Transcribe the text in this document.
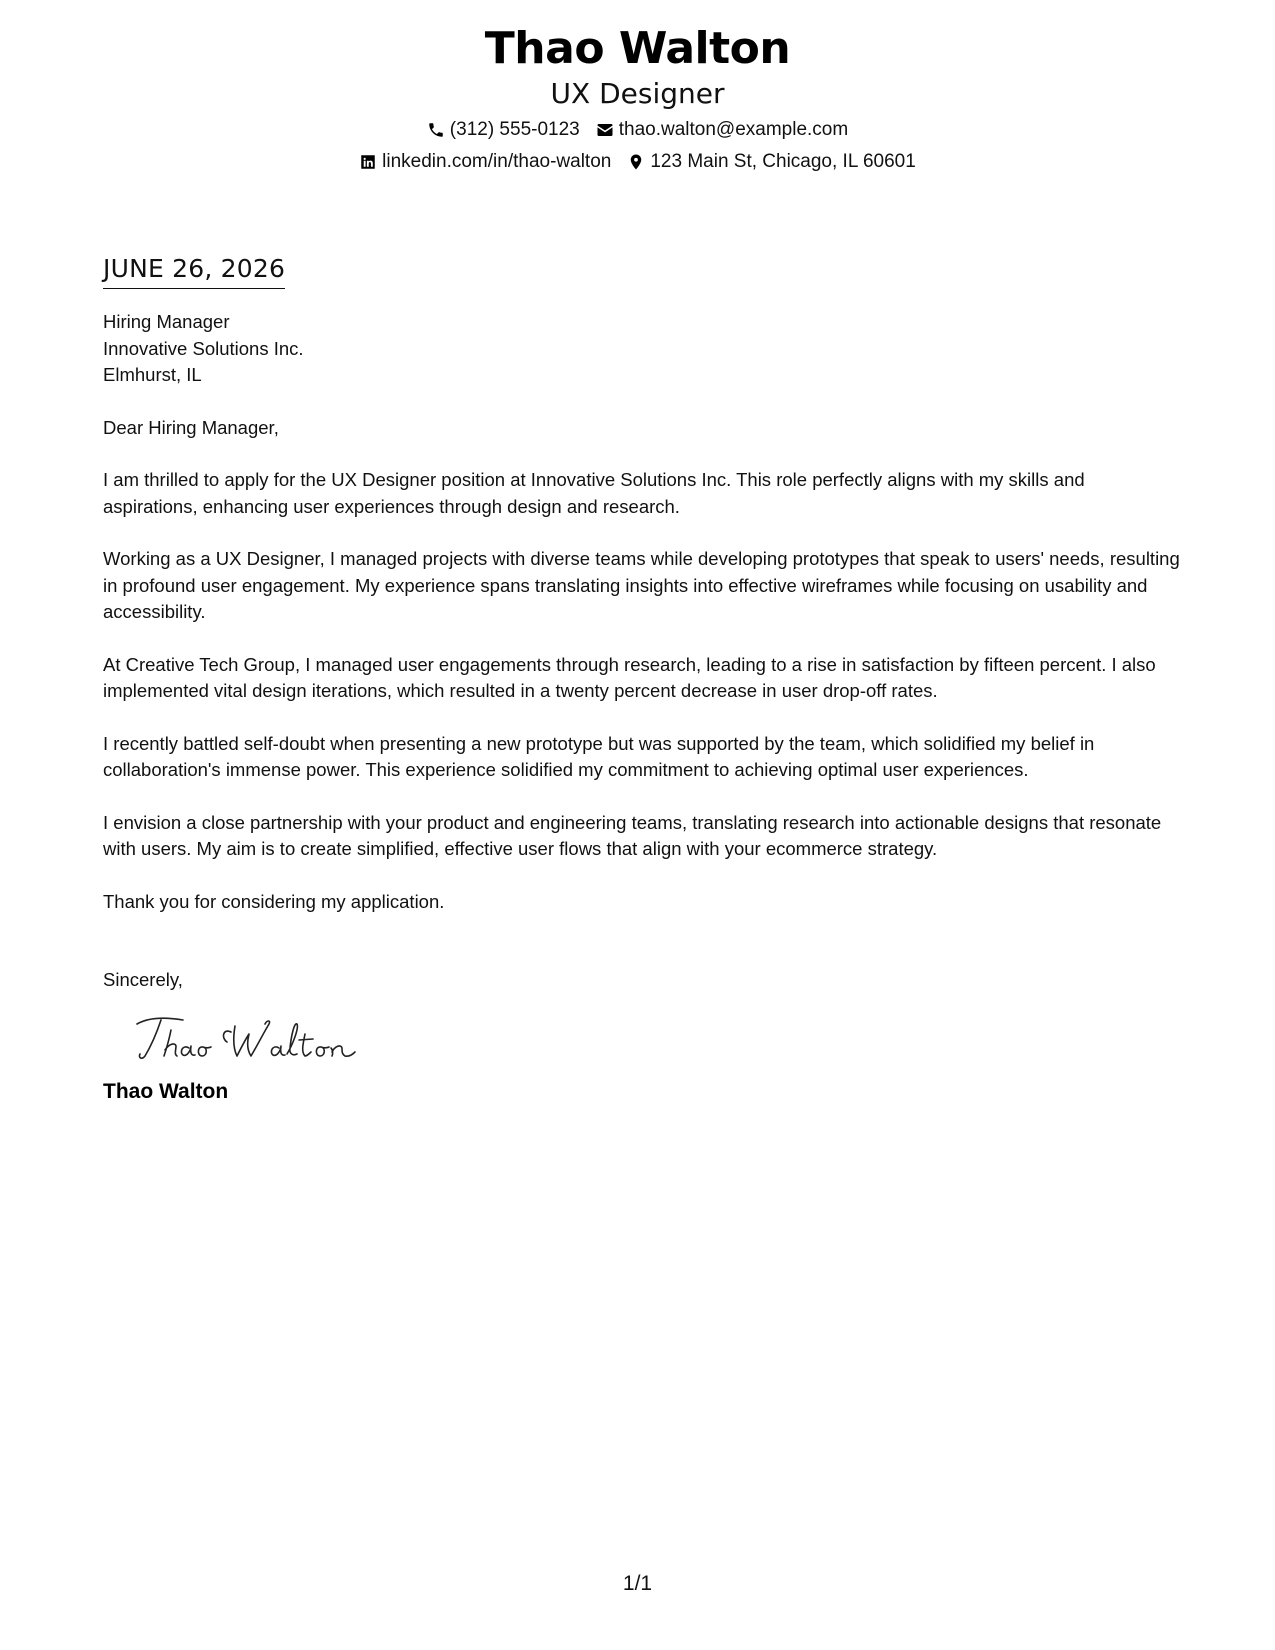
Thao Walton
UX Designer
(312) 555-0123 thao.walton@example.com
linkedin.com/in/thao-walton 123 Main St, Chicago, IL 60601
JUNE 26, 2026
Hiring Manager
Innovative Solutions Inc.
Elmhurst, IL
Dear Hiring Manager,
I am thrilled to apply for the UX Designer position at Innovative Solutions Inc. This role perfectly aligns with my skills and aspirations, enhancing user experiences through design and research.
Working as a UX Designer, I managed projects with diverse teams while developing prototypes that speak to users' needs, resulting in profound user engagement. My experience spans translating insights into effective wireframes while focusing on usability and accessibility.
At Creative Tech Group, I managed user engagements through research, leading to a rise in satisfaction by fifteen percent. I also implemented vital design iterations, which resulted in a twenty percent decrease in user drop-off rates.
I recently battled self-doubt when presenting a new prototype but was supported by the team, which solidified my belief in collaboration's immense power. This experience solidified my commitment to achieving optimal user experiences.
I envision a close partnership with your product and engineering teams, translating research into actionable designs that resonate with users. My aim is to create simplified, effective user flows that align with your ecommerce strategy.
Thank you for considering my application.
Sincerely,
Thao Walton
1/1
